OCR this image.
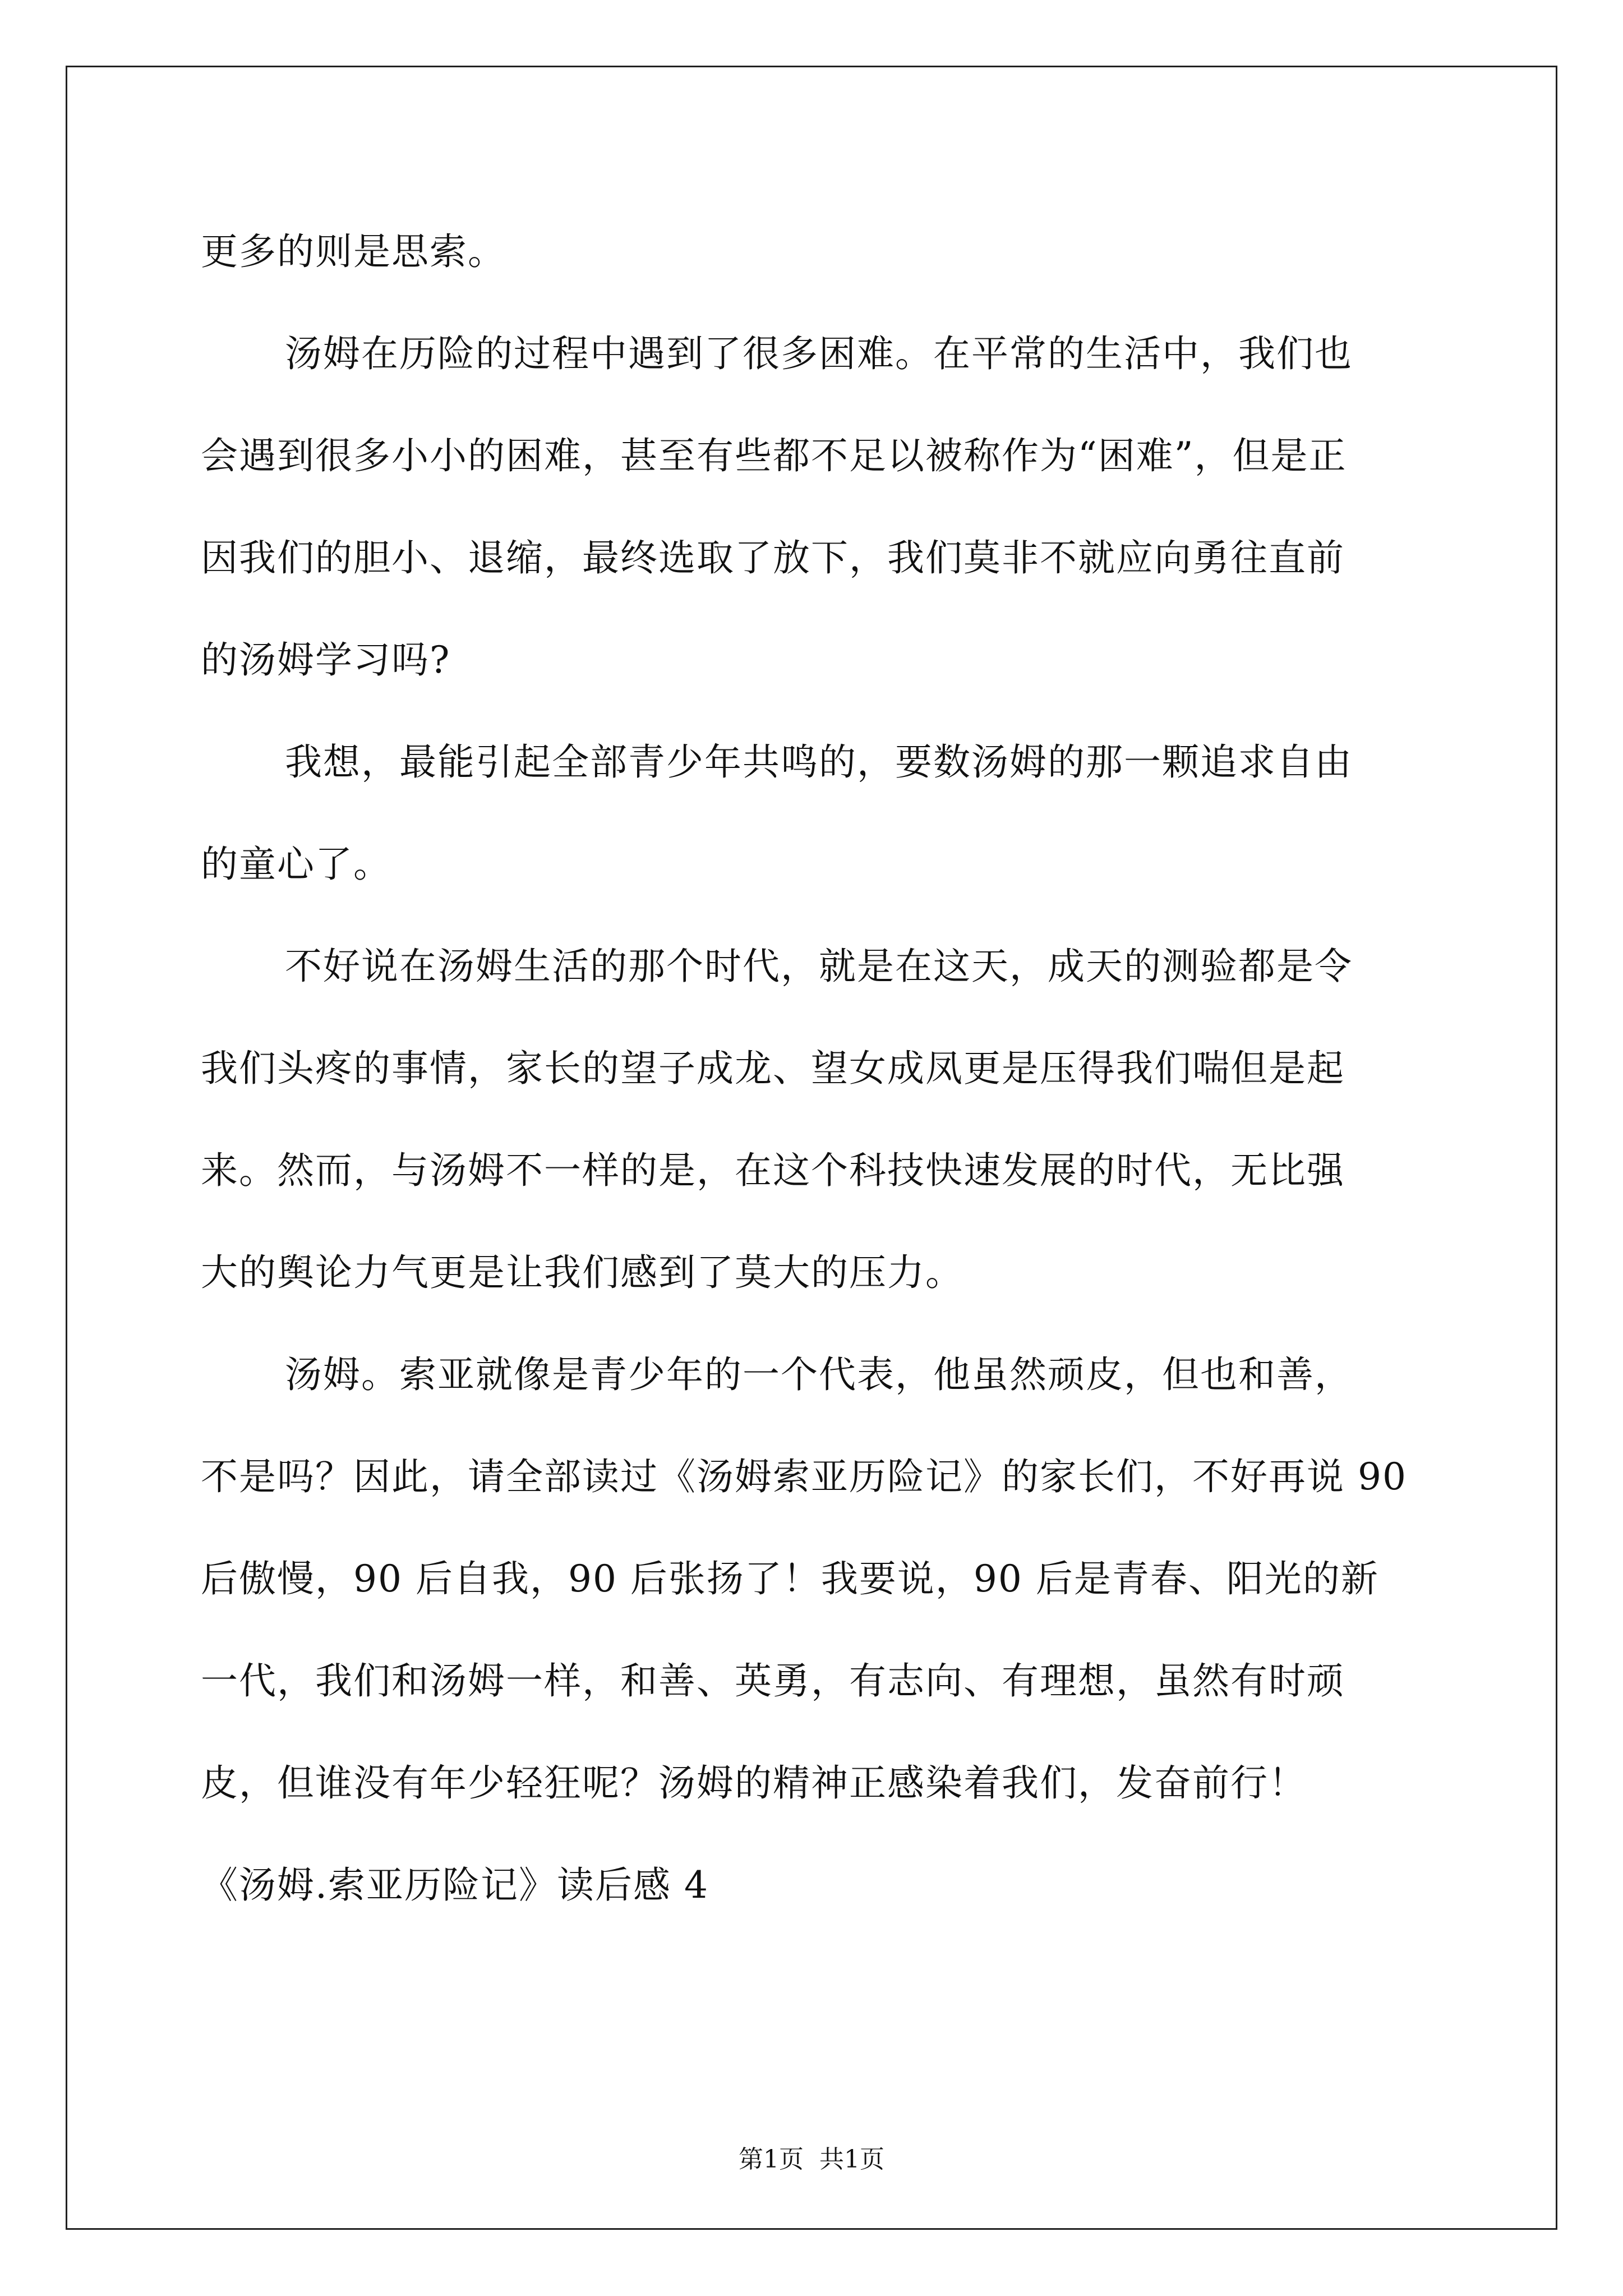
更多的则是思索。
汤姆在历险的过程中遇到了很多困难。在平常的生活中，我们也
会遇到很多小小的困难，甚至有些都不足以被称作为“困难”，但是正
因我们的胆小、退缩，最终选取了放下，我们莫非不就应向勇往直前
的汤姆学习吗?
我想，最能引起全部青少年共鸣的，要数汤姆的那一颗追求自由
的童心了。
不好说在汤姆生活的那个时代，就是在这天，成天的测验都是令
我们头疼的事情，家长的望子成龙、望女成凤更是压得我们喘但是起
来。然而，与汤姆不一样的是，在这个科技快速发展的时代，无比强
大的舆论力气更是让我们感到了莫大的压力。
汤姆。索亚就像是青少年的一个代表，他虽然顽皮，但也和善，
不是吗？因此，请全部读过《汤姆索亚历险记》的家长们，不好再说 90
后傲慢，90 后自我，90 后张扬了！我要说，90 后是青春、阳光的新
一代，我们和汤姆一样，和善、英勇，有志向、有理想，虽然有时顽
皮，但谁没有年少轻狂呢？汤姆的精神正感染着我们，发奋前行！
《汤姆.索亚历险记》读后感 4
第1页 共1页
